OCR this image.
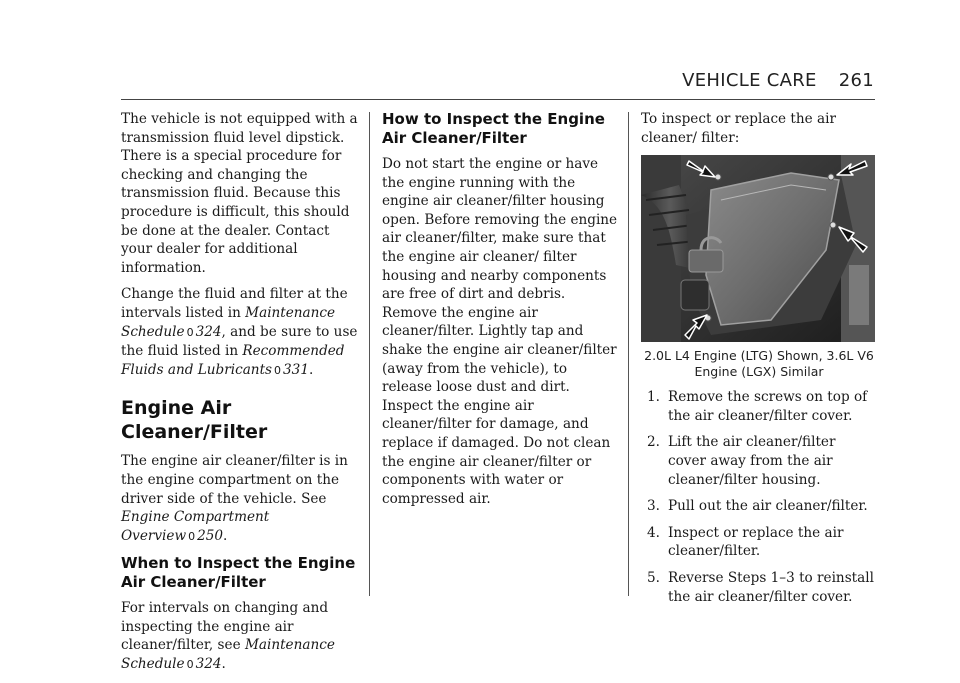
VEHICLE CARE 261

The vehicle is not equipped with a transmission fluid level dipstick. There is a special procedure for checking and changing the transmission fluid. Because this procedure is difficult, this should be done at the dealer. Contact your dealer for additional information.

Change the fluid and filter at the intervals listed in Maintenance Schedule 0 324, and be sure to use the fluid listed in Recommended Fluids and Lubricants 0 331.

Engine Air Cleaner/Filter

The engine air cleaner/filter is in the engine compartment on the driver side of the vehicle. See Engine Compartment Overview 0 250.

When to Inspect the Engine Air Cleaner/Filter

For intervals on changing and inspecting the engine air cleaner/filter, see Maintenance Schedule 0 324.

How to Inspect the Engine Air Cleaner/Filter

Do not start the engine or have the engine running with the engine air cleaner/filter housing open. Before removing the engine air cleaner/filter, make sure that the engine air cleaner/ filter housing and nearby components are free of dirt and debris. Remove the engine air cleaner/filter. Lightly tap and shake the engine air cleaner/filter (away from the vehicle), to release loose dust and dirt. Inspect the engine air cleaner/filter for damage, and replace if damaged. Do not clean the engine air cleaner/filter or components with water or compressed air.

To inspect or replace the air cleaner/ filter:

2.0L L4 Engine (LTG) Shown, 3.6L V6 Engine (LGX) Similar

1. Remove the screws on top of the air cleaner/filter cover.
2. Lift the air cleaner/filter cover away from the air cleaner/filter housing.
3. Pull out the air cleaner/filter.
4. Inspect or replace the air cleaner/filter.
5. Reverse Steps 1–3 to reinstall the air cleaner/filter cover.
